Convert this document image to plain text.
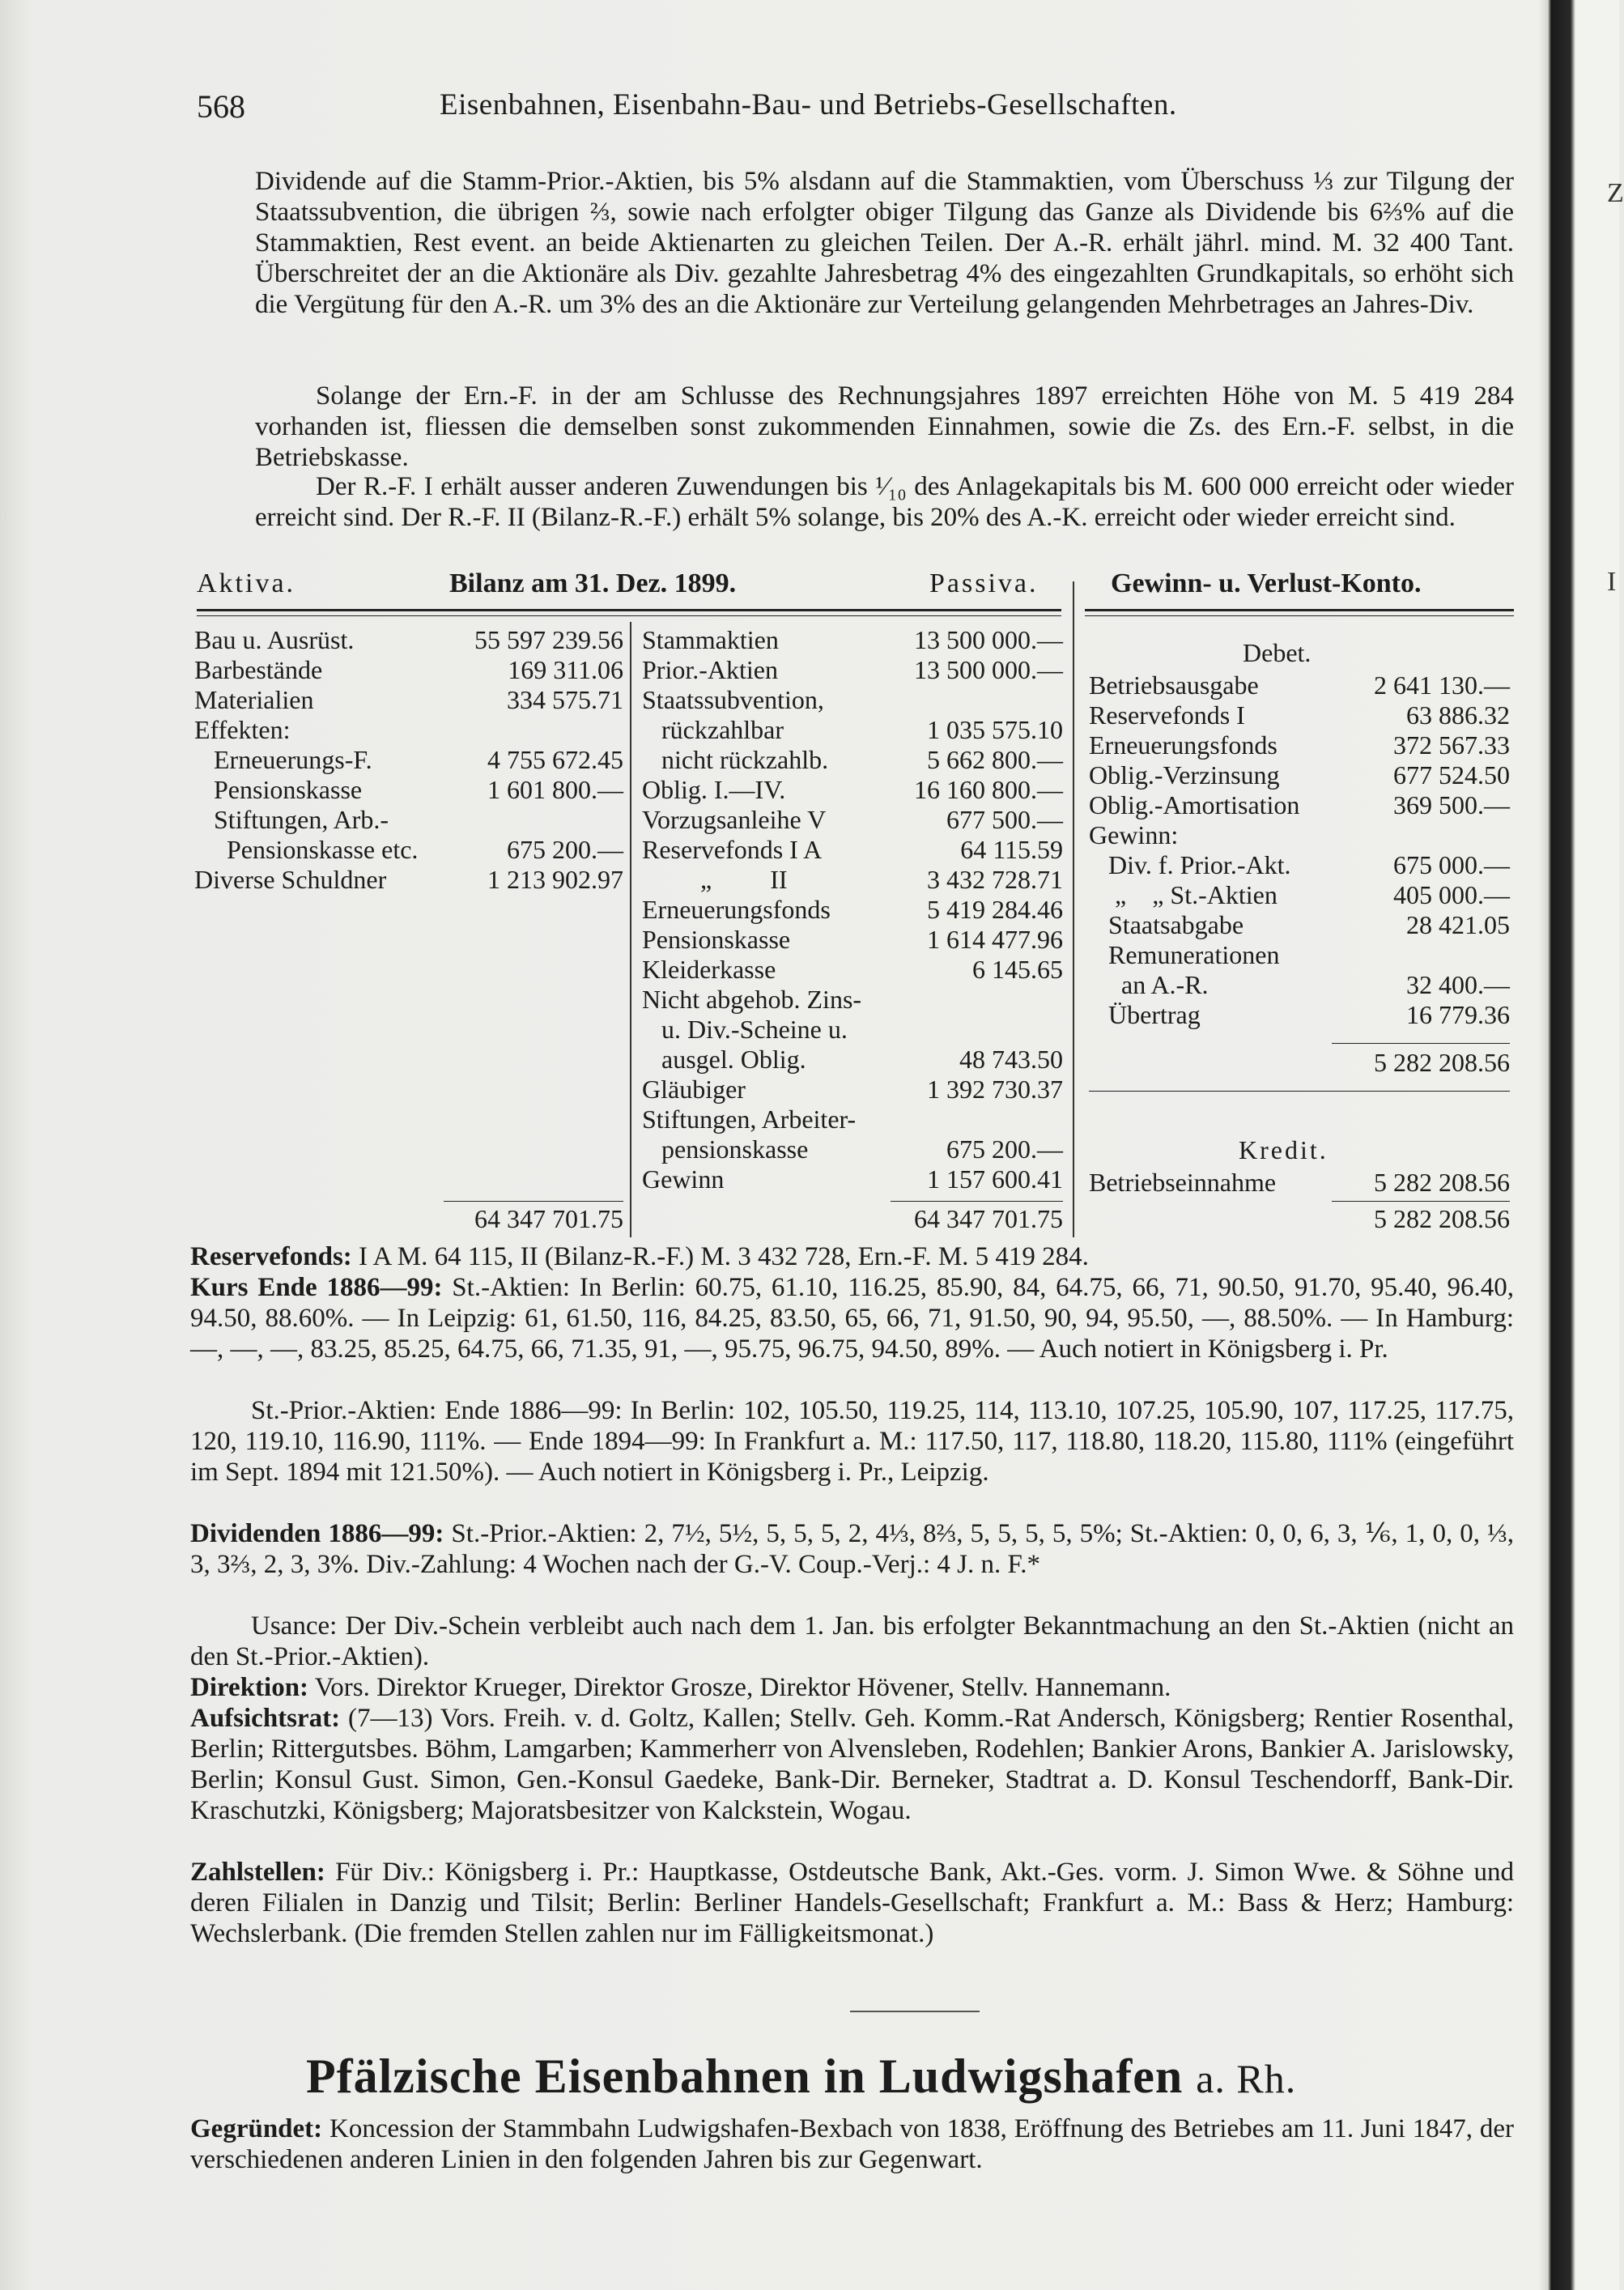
568	Eisenbahnen, Eisenbahn-Bau- und Betriebs-Gesellschaften.
Z
I
Dividende auf die Stamm-Prior.-Aktien, bis 5% alsdann auf die Stammaktien, vom Überschuss ⅓ zur Tilgung der Staatssubvention, die übrigen ⅔, sowie nach erfolgter obiger Tilgung das Ganze als Dividende bis 6⅔% auf die Stammaktien, Rest event. an beide Aktienarten zu gleichen Teilen. Der A.-R. erhält jährl. mind. M. 32 400 Tant. Überschreitet der an die Aktionäre als Div. gezahlte Jahresbetrag 4% des eingezahlten Grundkapitals, so erhöht sich die Vergütung für den A.-R. um 3% des an die Aktionäre zur Verteilung gelangenden Mehrbetrages an Jahres-Div.
Solange der Ern.-F. in der am Schlusse des Rechnungsjahres 1897 erreichten Höhe von M. 5 419 284 vorhanden ist, fliessen die demselben sonst zukommenden Einnahmen, sowie die Zs. des Ern.-F. selbst, in die Betriebskasse.
Der R.-F. I erhält ausser anderen Zuwendungen bis ¹⁄₁₀ des Anlagekapitals bis M. 600 000 erreicht oder wieder erreicht sind. Der R.-F. II (Bilanz-R.-F.) erhält 5% solange, bis 20% des A.-K. erreicht oder wieder erreicht sind.
Aktiva.	Bilanz am 31. Dez. 1899.	Passiva.	Gewinn- u. Verlust-Konto.
Bau u. Ausrüst.	55 597 239.56
Barbestände	169 311.06
Materialien	334 575.71
Effekten:	
Erneuerungs-F.	4 755 672.45
Pensionskasse	1 601 800.—
Stiftungen, Arb.-	
Pensionskasse etc.	675 200.—
Diverse Schuldner	1 213 902.97
64 347 701.75
Stammaktien	13 500 000.—
Prior.-Aktien	13 500 000.—
Staatssubvention,	
rückzahlbar	1 035 575.10
nicht rückzahlb.	5 662 800.—
Oblig. I.—IV.	16 160 800.—
Vorzugsanleihe V	677 500.—
Reservefonds I A	64 115.59
„         II	3 432 728.71
Erneuerungsfonds	5 419 284.46
Pensionskasse	1 614 477.96
Kleiderkasse	6 145.65
Nicht abgehob. Zins-	
u. Div.-Scheine u.	
ausgel. Oblig.	48 743.50
Gläubiger	1 392 730.37
Stiftungen, Arbeiter-	
pensionskasse	675 200.—
Gewinn	1 157 600.41
64 347 701.75
Debet.
Betriebsausgabe	2 641 130.—
Reservefonds I	63 886.32
Erneuerungsfonds	372 567.33
Oblig.-Verzinsung	677 524.50
Oblig.-Amortisation	369 500.—
Gewinn:	
Div. f. Prior.-Akt.	675 000.—
„    „ St.-Aktien	405 000.—
Staatsabgabe	28 421.05
Remunerationen	
an A.-R.	32 400.—
Übertrag	16 779.36
5 282 208.56
Kredit.
Betriebseinnahme	5 282 208.56
5 282 208.56
Reservefonds: I A M. 64 115, II (Bilanz-R.-F.) M. 3 432 728, Ern.-F. M. 5 419 284.
Kurs Ende 1886—99: St.-Aktien: In Berlin: 60.75, 61.10, 116.25, 85.90, 84, 64.75, 66, 71, 90.50, 91.70, 95.40, 96.40, 94.50, 88.60%. — In Leipzig: 61, 61.50, 116, 84.25, 83.50, 65, 66, 71, 91.50, 90, 94, 95.50, —, 88.50%. — In Hamburg: —, —, —, 83.25, 85.25, 64.75, 66, 71.35, 91, —, 95.75, 96.75, 94.50, 89%. — Auch notiert in Königsberg i. Pr.
St.-Prior.-Aktien: Ende 1886—99: In Berlin: 102, 105.50, 119.25, 114, 113.10, 107.25, 105.90, 107, 117.25, 117.75, 120, 119.10, 116.90, 111%. — Ende 1894—99: In Frankfurt a. M.: 117.50, 117, 118.80, 118.20, 115.80, 111% (eingeführt im Sept. 1894 mit 121.50%). — Auch notiert in Königsberg i. Pr., Leipzig.
Dividenden 1886—99: St.-Prior.-Aktien: 2, 7½, 5½, 5, 5, 5, 2, 4⅓, 8⅔, 5, 5, 5, 5, 5%; St.-Aktien: 0, 0, 6, 3, ⅙, 1, 0, 0, ⅓, 3, 3⅔, 2, 3, 3%. Div.-Zahlung: 4 Wochen nach der G.-V. Coup.-Verj.: 4 J. n. F.*
Usance: Der Div.-Schein verbleibt auch nach dem 1. Jan. bis erfolgter Bekanntmachung an den St.-Aktien (nicht an den St.-Prior.-Aktien).
Direktion: Vors. Direktor Krueger, Direktor Grosze, Direktor Hövener, Stellv. Hannemann.
Aufsichtsrat: (7—13) Vors. Freih. v. d. Goltz, Kallen; Stellv. Geh. Komm.-Rat Andersch, Königsberg; Rentier Rosenthal, Berlin; Rittergutsbes. Böhm, Lamgarben; Kammerherr von Alvensleben, Rodehlen; Bankier Arons, Bankier A. Jarislowsky, Berlin; Konsul Gust. Simon, Gen.-Konsul Gaedeke, Bank-Dir. Berneker, Stadtrat a. D. Konsul Teschendorff, Bank-Dir. Kraschutzki, Königsberg; Majoratsbesitzer von Kalckstein, Wogau.
Zahlstellen: Für Div.: Königsberg i. Pr.: Hauptkasse, Ostdeutsche Bank, Akt.-Ges. vorm. J. Simon Wwe. & Söhne und deren Filialen in Danzig und Tilsit; Berlin: Berliner Handels-Gesellschaft; Frankfurt a. M.: Bass & Herz; Hamburg: Wechslerbank. (Die fremden Stellen zahlen nur im Fälligkeitsmonat.)
Pfälzische Eisenbahnen in Ludwigshafen a. Rh.
Gegründet: Koncession der Stammbahn Ludwigshafen-Bexbach von 1838, Eröffnung des Betriebes am 11. Juni 1847, der verschiedenen anderen Linien in den folgenden Jahren bis zur Gegenwart.
